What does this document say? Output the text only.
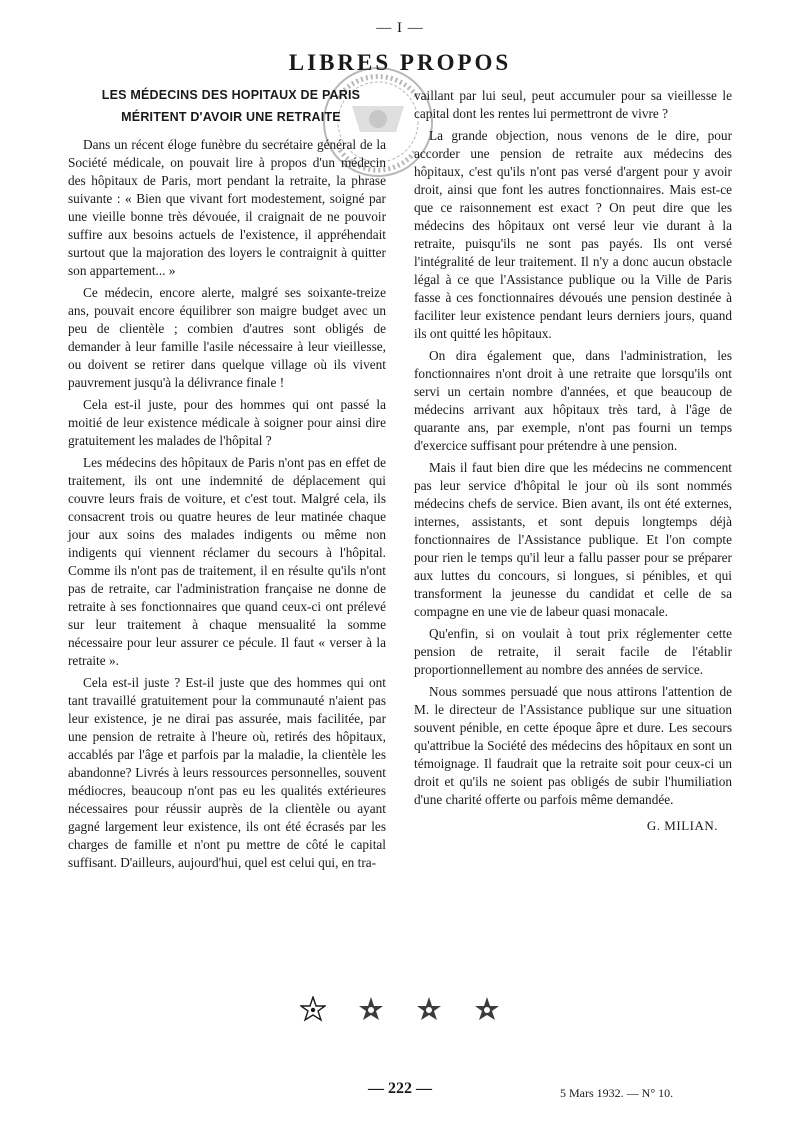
— I —
LIBRES PROPOS
LES MÉDECINS DES HOPITAUX DE PARIS
MÉRITENT D'AVOIR UNE RETRAITE

Dans un récent éloge funèbre du secrétaire général de la Société médicale, on pouvait lire à propos d'un médecin des hôpitaux de Paris, mort pendant la retraite, la phrase suivante : « Bien que vivant fort modestement, soigné par une vieille bonne très dévouée, il craignait de ne pouvoir suffire aux besoins actuels de l'existence, il appréhendait surtout que la majoration des loyers le contraignit à quitter son appartement... »

Ce médecin, encore alerte, malgré ses soixante-treize ans, pouvait encore équilibrer son maigre budget avec un peu de clientèle ; combien d'autres sont obligés de demander à leur famille l'asile nécessaire à leur vieillesse, ou doivent se retirer dans quelque village où ils vivent pauvrement jusqu'à la délivrance finale !

Cela est-il juste, pour des hommes qui ont passé la moitié de leur existence médicale à soigner pour ainsi dire gratuitement les malades de l'hôpital ?

Les médecins des hôpitaux de Paris n'ont pas en effet de traitement, ils ont une indemnité de déplacement qui couvre leurs frais de voiture, et c'est tout. Malgré cela, ils consacrent trois ou quatre heures de leur matinée chaque jour aux soins des malades indigents ou même non indigents qui viennent réclamer du secours à l'hôpital. Comme ils n'ont pas de traitement, il en résulte qu'ils n'ont pas de retraite, car l'administration française ne donne de retraite à ses fonctionnaires que quand ceux-ci ont prélevé sur leur traitement à chaque mensualité la somme nécessaire pour leur assurer ce pécule. Il faut « verser à la retraite ».

Cela est-il juste ? Est-il juste que des hommes qui ont tant travaillé gratuitement pour la communauté n'aient pas leur existence, je ne dirai pas assurée, mais facilitée, par une pension de retraite à l'heure où, retirés des hôpitaux, accablés par l'âge et parfois par la maladie, la clientèle les abandonne? Livrés à leurs ressources personnelles, souvent médiocres, beaucoup n'ont pas eu les qualités extérieures nécessaires pour réussir auprès de la clientèle ou ayant gagné largement leur existence, ils ont été écrasés par les charges de famille et n'ont pu mettre de côté le capital suffisant. D'ailleurs, aujourd'hui, quel est celui qui, en tra-

vaillant par lui seul, peut accumuler pour sa vieillesse le capital dont les rentes lui permettront de vivre ?

La grande objection, nous venons de le dire, pour accorder une pension de retraite aux médecins des hôpitaux, c'est qu'ils n'ont pas versé d'argent pour y avoir droit, ainsi que font les autres fonctionnaires. Mais est-ce que ce raisonnement est exact ? On peut dire que les médecins des hôpitaux ont versé leur vie durant à la retraite, puisqu'ils ne sont pas payés. Ils ont versé l'intégralité de leur traitement. Il n'y a donc aucun obstacle légal à ce que l'Assistance publique ou la Ville de Paris fasse à ces fonctionnaires dévoués une pension destinée à faciliter leur existence pendant leurs derniers jours, quand ils ont quitté les hôpitaux.

On dira également que, dans l'administration, les fonctionnaires n'ont droit à une retraite que lorsqu'ils ont servi un certain nombre d'années, et que beaucoup de médecins arrivant aux hôpitaux très tard, à l'âge de quarante ans, par exemple, n'ont pas fourni un temps d'exercice suffisant pour prétendre à une pension.

Mais il faut bien dire que les médecins ne commencent pas leur service d'hôpital le jour où ils sont nommés médecins chefs de service. Bien avant, ils ont été externes, internes, assistants, et sont depuis longtemps déjà fonctionnaires de l'Assistance publique. Et l'on compte pour rien le temps qu'il leur a fallu passer pour se préparer aux luttes du concours, si longues, si pénibles, et qui transforment la jeunesse du candidat et celle de sa compagne en une vie de labeur quasi monacale.

Qu'enfin, si on voulait à tout prix réglementer cette pension de retraite, il serait facile de l'établir proportionnellement au nombre des années de service.

Nous sommes persuadé que nous attirons l'attention de M. le directeur de l'Assistance publique sur une situation souvent pénible, en cette époque âpre et dure. Les secours qu'attribue la Société des médecins des hôpitaux en sont un témoignage. Il faudrait que la retraite soit pour ceux-ci un droit et qu'ils ne soient pas obligés de subir l'humiliation d'une charité offerte ou parfois même demandée.

G. MILIAN.
— 222 —	5 Mars 1932. — N° 10.
